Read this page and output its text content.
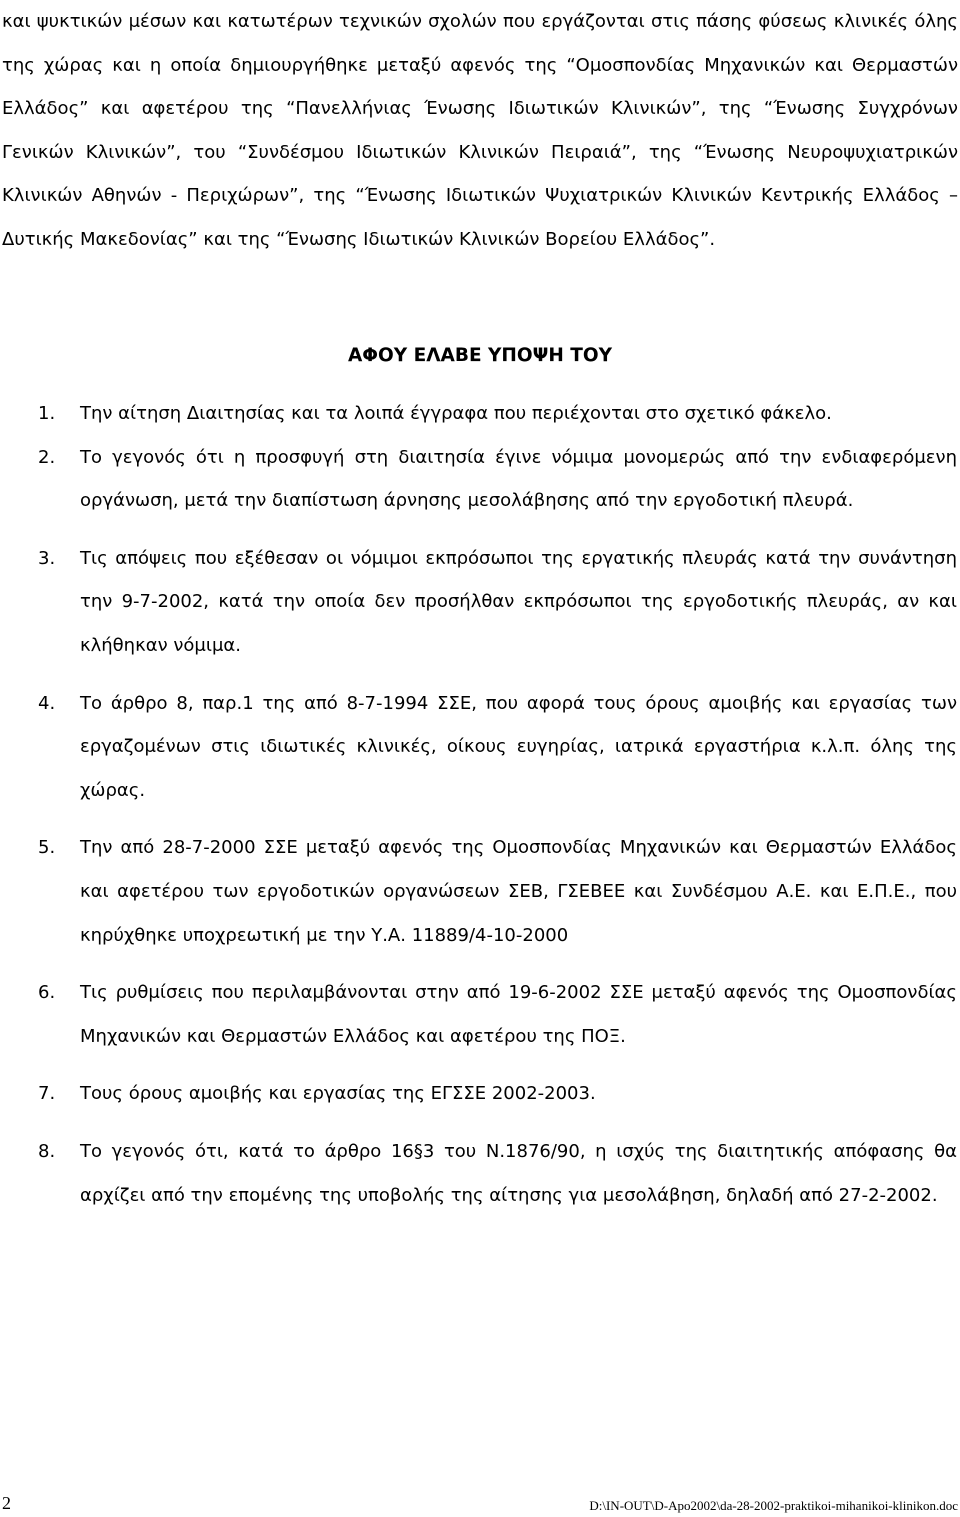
και ψυκτικών μέσων και κατωτέρων τεχνικών σχολών που εργάζονται στις πάσης φύσεως κλινικές όλης της χώρας και η οποία δημιουργήθηκε μεταξύ αφενός της “Ομοσπονδίας Μηχανικών και Θερμαστών Ελλάδος” και αφετέρου της “Πανελλήνιας Ένωσης Ιδιωτικών Κλινικών”, της “Ένωσης Συγχρόνων Γενικών Κλινικών”, του “Συνδέσμου Ιδιωτικών Κλινικών Πειραιά”, της “Ένωσης Νευροψυχιατρικών Κλινικών Αθηνών - Περιχώρων”, της “Ένωσης Ιδιωτικών Ψυχιατρικών Κλινικών Κεντρικής Ελλάδος – Δυτικής Μακεδονίας” και της “Ένωσης Ιδιωτικών Κλινικών Βορείου Ελλάδος”.

ΑΦΟΥ ΕΛΑΒΕ ΥΠΟΨΗ ΤΟΥ
1.	Την αίτηση Διαιτησίας και τα λοιπά έγγραφα που περιέχονται στο σχετικό φάκελο.
2.	Το γεγονός ότι η προσφυγή στη διαιτησία έγινε νόμιμα μονομερώς από την ενδιαφερόμενη οργάνωση, μετά την διαπίστωση άρνησης μεσολάβησης από την εργοδοτική πλευρά.
3.	Τις απόψεις που εξέθεσαν οι νόμιμοι εκπρόσωποι της εργατικής πλευράς κατά την συνάντηση την 9-7-2002, κατά την οποία δεν προσήλθαν εκπρόσωποι της εργοδοτικής πλευράς, αν και κλήθηκαν νόμιμα.
4.	Το άρθρο 8, παρ.1 της από 8-7-1994 ΣΣΕ, που αφορά τους όρους αμοιβής και εργασίας των εργαζομένων στις ιδιωτικές κλινικές, οίκους ευγηρίας, ιατρικά εργαστήρια κ.λ.π. όλης της χώρας.
5.	Την από 28-7-2000 ΣΣΕ μεταξύ αφενός της Ομοσπονδίας Μηχανικών και Θερμαστών Ελλάδος και αφετέρου των εργοδοτικών οργανώσεων ΣΕΒ, ΓΣΕΒΕΕ και Συνδέσμου Α.Ε. και Ε.Π.Ε., που κηρύχθηκε υποχρεωτική με την Υ.Α. 11889/4-10-2000
6.	Τις ρυθμίσεις που περιλαμβάνονται στην από 19-6-2002 ΣΣΕ μεταξύ αφενός της Ομοσπονδίας Μηχανικών και Θερμαστών Ελλάδος και αφετέρου της ΠΟΞ.
7.	Τους όρους αμοιβής και εργασίας της ΕΓΣΣΕ 2002-2003.
8.	Το γεγονός ότι, κατά το άρθρο 16§3 του Ν.1876/90, η ισχύς της διαιτητικής απόφασης θα αρχίζει από την επομένης της υποβολής της αίτησης για μεσολάβηση, δηλαδή από 27-2-2002.
2	D:\IN-OUT\D-Apo2002\da-28-2002-praktikoi-mihanikoi-klinikon.doc
